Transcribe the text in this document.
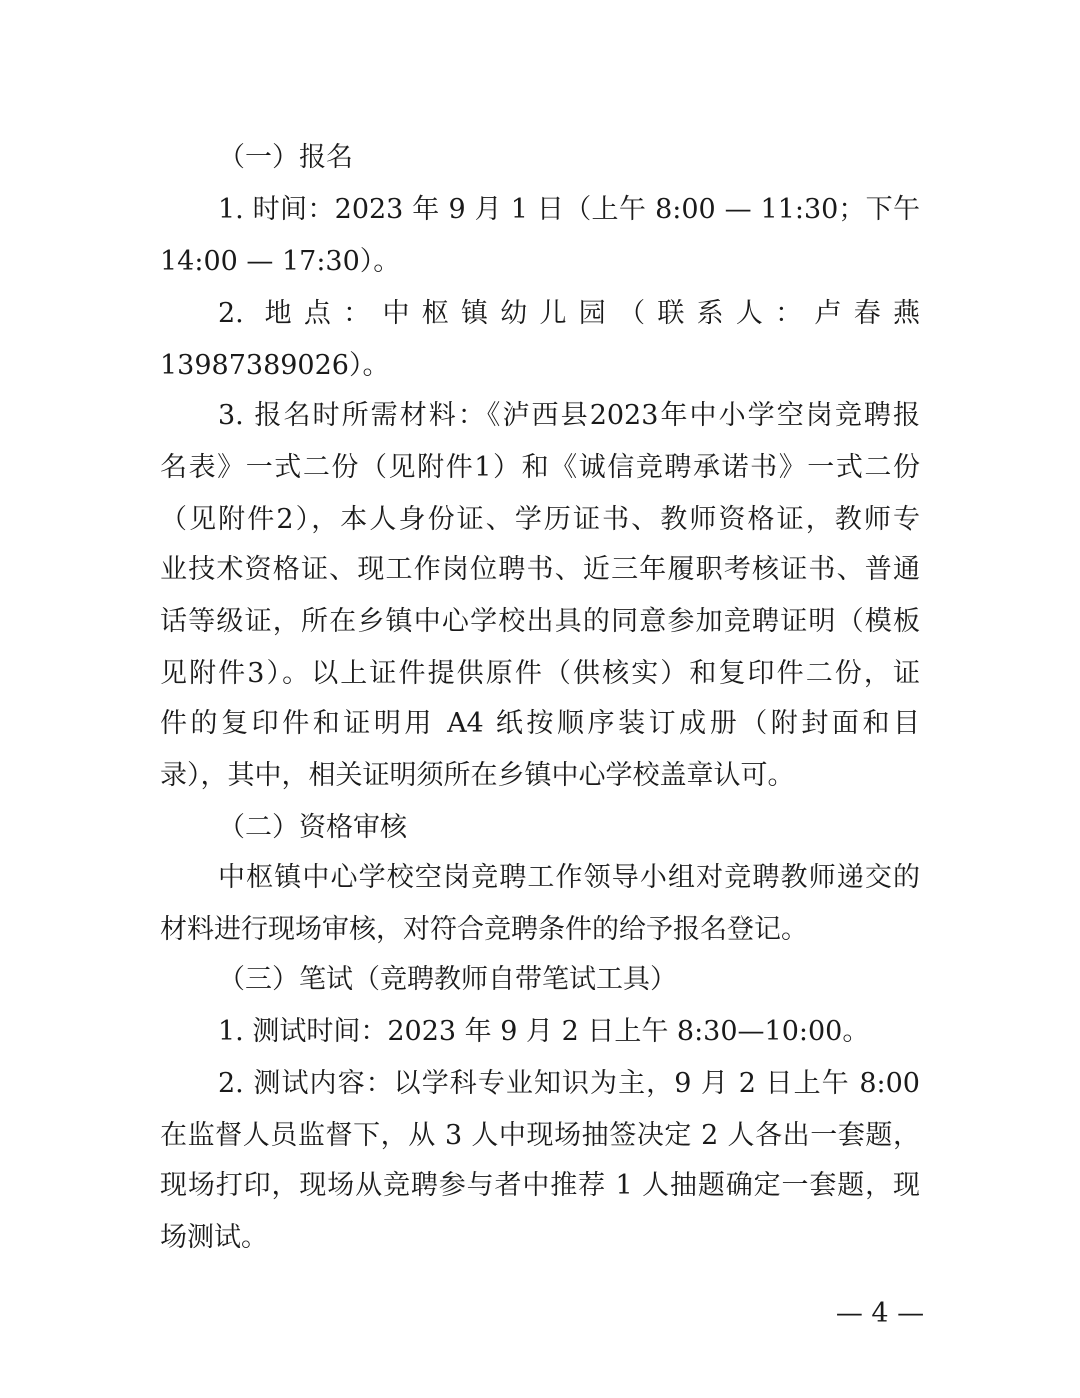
（一）报名
1. 时间：2023 年 9 月 1 日（上午 8:00 — 11:30；下午
14:00 — 17:30）。
2. 地点：中枢镇幼儿园（联系人：卢春燕
13987389026）。
3. 报名时所需材料：《泸西县2023年中小学空岗竞聘报
名表》一式二份（见附件1）和《诚信竞聘承诺书》一式二份
（见附件2），本人身份证、学历证书、教师资格证，教师专
业技术资格证、现工作岗位聘书、近三年履职考核证书、普通
话等级证，所在乡镇中心学校出具的同意参加竞聘证明（模板
见附件3）。以上证件提供原件（供核实）和复印件二份，证
件的复印件和证明用 A4 纸按顺序装订成册（附封面和目
录），其中，相关证明须所在乡镇中心学校盖章认可。
（二）资格审核
中枢镇中心学校空岗竞聘工作领导小组对竞聘教师递交的
材料进行现场审核，对符合竞聘条件的给予报名登记。
（三）笔试（竞聘教师自带笔试工具）
1. 测试时间：2023 年 9 月 2 日上午 8:30—10:00。
2. 测试内容：以学科专业知识为主，9 月 2 日上午 8:00
在监督人员监督下，从 3 人中现场抽签决定 2 人各出一套题，
现场打印，现场从竞聘参与者中推荐 1 人抽题确定一套题，现
场测试。
— 4 —
